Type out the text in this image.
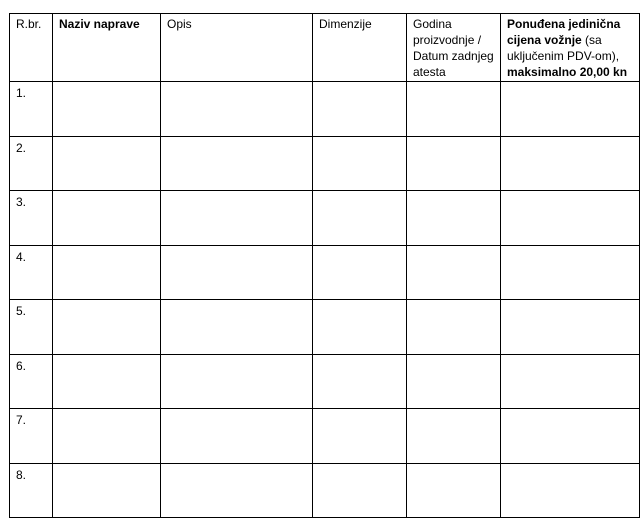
R.br.	Naziv naprave	Opis	Dimenzije	Godina proizvodnje / Datum zadnjeg atesta	Ponuđena jedinična cijena vožnje (sa uključenim PDV-om), maksimalno 20,00 kn
1.					
2.					
3.					
4.					
5.					
6.					
7.					
8.					
